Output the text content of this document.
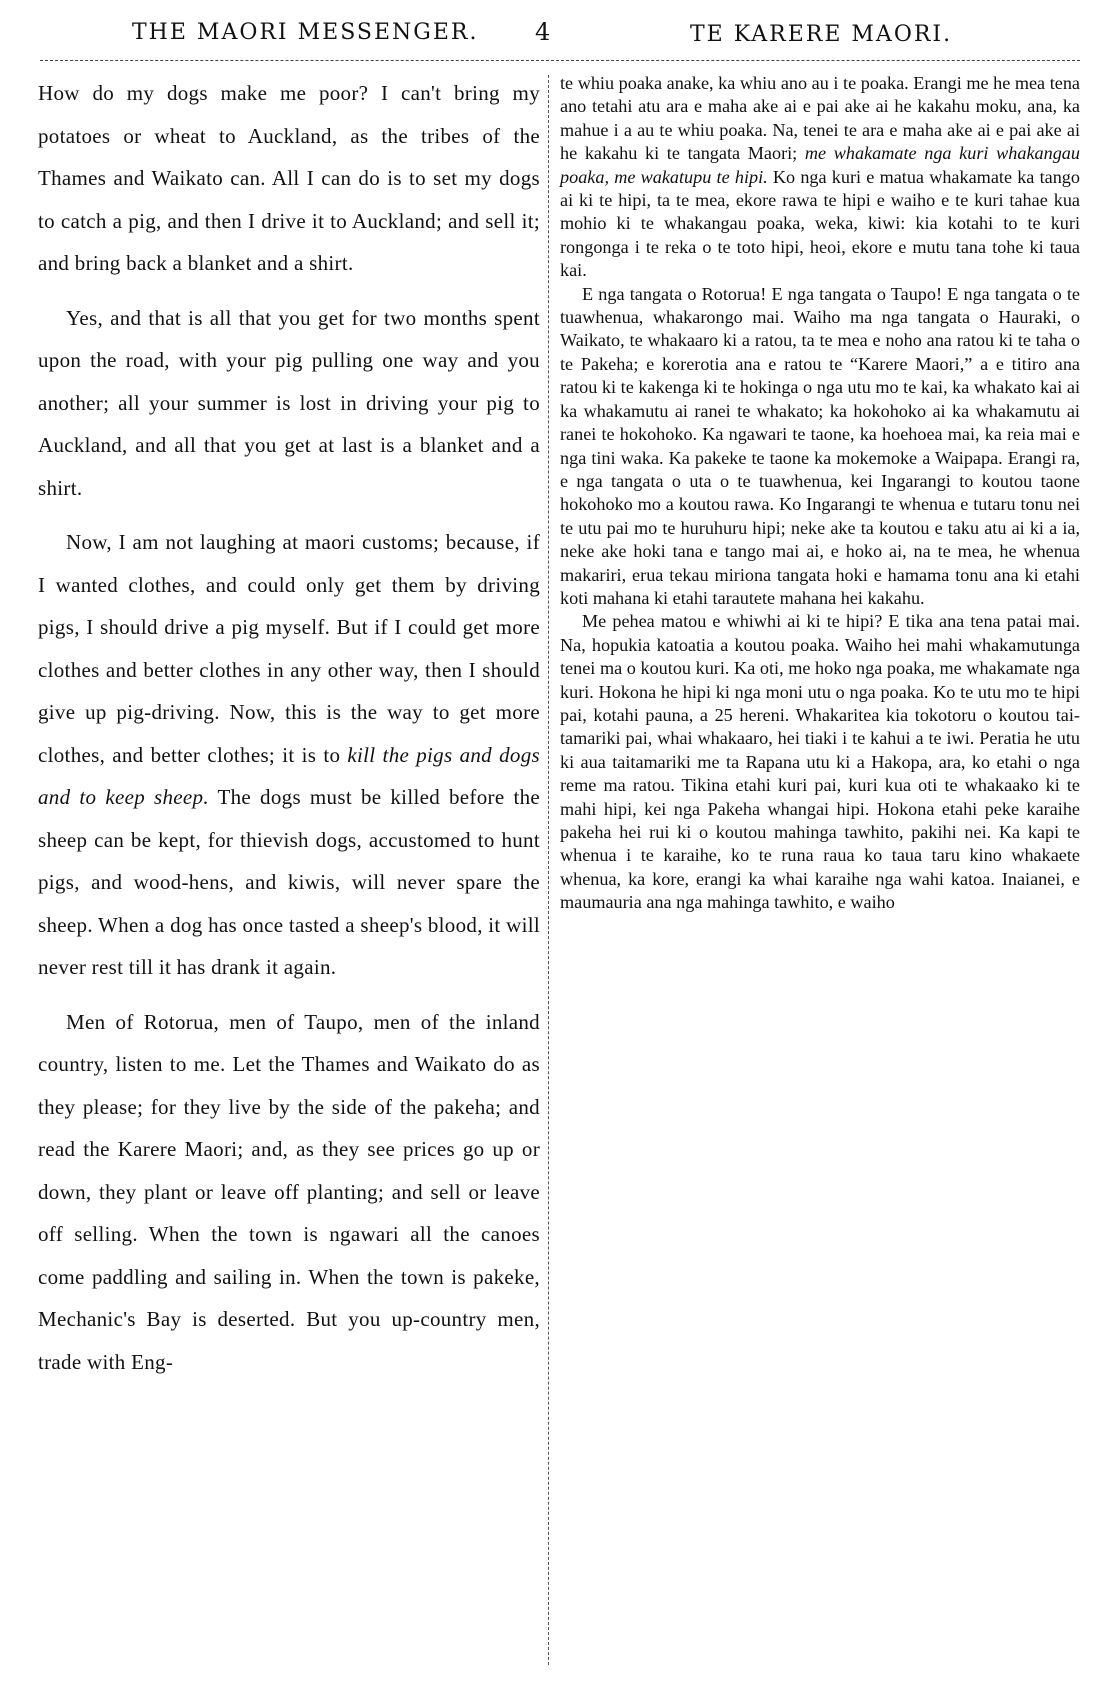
THE MAORI MESSENGER. 4	TE KARERE MAORI.

How do my dogs make me poor? I can't bring my potatoes or wheat to Auckland, as the tribes of the Thames and Waikato can. All I can do is to set my dogs to catch a pig, and then I drive it to Auckland; and sell it; and bring back a blanket and a shirt.

Yes, and that is all that you get for two months spent upon the road, with your pig pulling one way and you another; all your summer is lost in driving your pig to Auckland, and all that you get at last is a blanket and a shirt.

Now, I am not laughing at maori customs; because, if I wanted clothes, and could only get them by driving pigs, I should drive a pig myself. But if I could get more clothes and better clothes in any other way, then I should give up pig-driving. Now, this is the way to get more clothes, and better clothes; it is to kill the pigs and dogs and to keep sheep. The dogs must be killed before the sheep can be kept, for thievish dogs, accustomed to hunt pigs, and wood-hens, and kiwis, will never spare the sheep. When a dog has once tasted a sheep's blood, it will never rest till it has drank it again.

Men of Rotorua, men of Taupo, men of the inland country, listen to me. Let the Thames and Waikato do as they please; for they live by the side of the pakeha; and read the Karere Maori; and, as they see prices go up or down, they plant or leave off planting; and sell or leave off selling. When the town is ngawari all the canoes come paddling and sailing in. When the town is pakeke, Mechanic's Bay is deserted. But you up-country men, trade with Eng-

te whiu poaka anake, ka whiu ano au i te poaka. Erangi me he mea tena ano tetahi atu ara e maha ake ai e pai ake ai he kakahu moku, ana, ka mahue i a au te whiu poaka. Na, tenei te ara e maha ake ai e pai ake ai he kakahu ki te tangata Maori; me whakamate nga kuri whakangau poaka, me wakatupu te hipi. Ko nga kuri e matua whakamate ka tango ai ki te hipi, ta te mea, ekore rawa te hipi e waiho e te kuri tahae kua mohio ki te whakangau poaka, weka, kiwi: kia kotahi to te kuri rongonga i te reka o te toto hipi, heoi, ekore e mutu tana tohe ki taua kai.

E nga tangata o Rotorua! E nga tangata o Taupo! E nga tangata o te tuawhenua, whakarongo mai. Waiho ma nga tangata o Hauraki, o Waikato, te whakaaro ki a ratou, ta te mea e noho ana ratou ki te taha o te Pakeha; e korerotia ana e ratou te “Karere Maori,” a e titiro ana ratou ki te kakenga ki te hokinga o nga utu mo te kai, ka whakato kai ai ka whakamutu ai ranei te whakato; ka hokohoko ai ka whakamutu ai ranei te hokohoko. Ka ngawari te taone, ka hoehoea mai, ka reia mai e nga tini waka. Ka pakeke te taone ka mokemoke a Waipapa. Erangi ra, e nga tangata o uta o te tuawhenua, kei Ingarangi to koutou taone hokohoko mo a koutou rawa. Ko Ingarangi te whenua e tutaru tonu nei te utu pai mo te huruhuru hipi; neke ake ta koutou e taku atu ai ki a ia, neke ake hoki tana e tango mai ai, e hoko ai, na te mea, he whenua makariri, erua tekau miriona tangata hoki e hamama tonu ana ki etahi koti mahana ki etahi tarautete mahana hei kakahu.

Me pehea matou e whiwhi ai ki te hipi? E tika ana tena patai mai. Na, hopukia katoatia a koutou poaka. Waiho hei mahi whakamutunga tenei ma o koutou kuri. Ka oti, me hoko nga poaka, me whakamate nga kuri. Hokona he hipi ki nga moni utu o nga poaka. Ko te utu mo te hipi pai, kotahi pauna, a 25 hereni. Whakaritea kia tokotoru o koutou tai-tamariki pai, whai whakaaro, hei tiaki i te kahui a te iwi. Peratia he utu ki aua taitamariki me ta Rapana utu ki a Hakopa, ara, ko etahi o nga reme ma ratou. Tikina etahi kuri pai, kuri kua oti te whakaako ki te mahi hipi, kei nga Pakeha whangai hipi. Hokona etahi peke karaihe pakeha hei rui ki o koutou mahinga tawhito, pakihi nei. Ka kapi te whenua i te karaihe, ko te runa raua ko taua taru kino whakaete whenua, ka kore, erangi ka whai karaihe nga wahi katoa. Inaianei, e maumauria ana nga mahinga tawhito, e waiho
